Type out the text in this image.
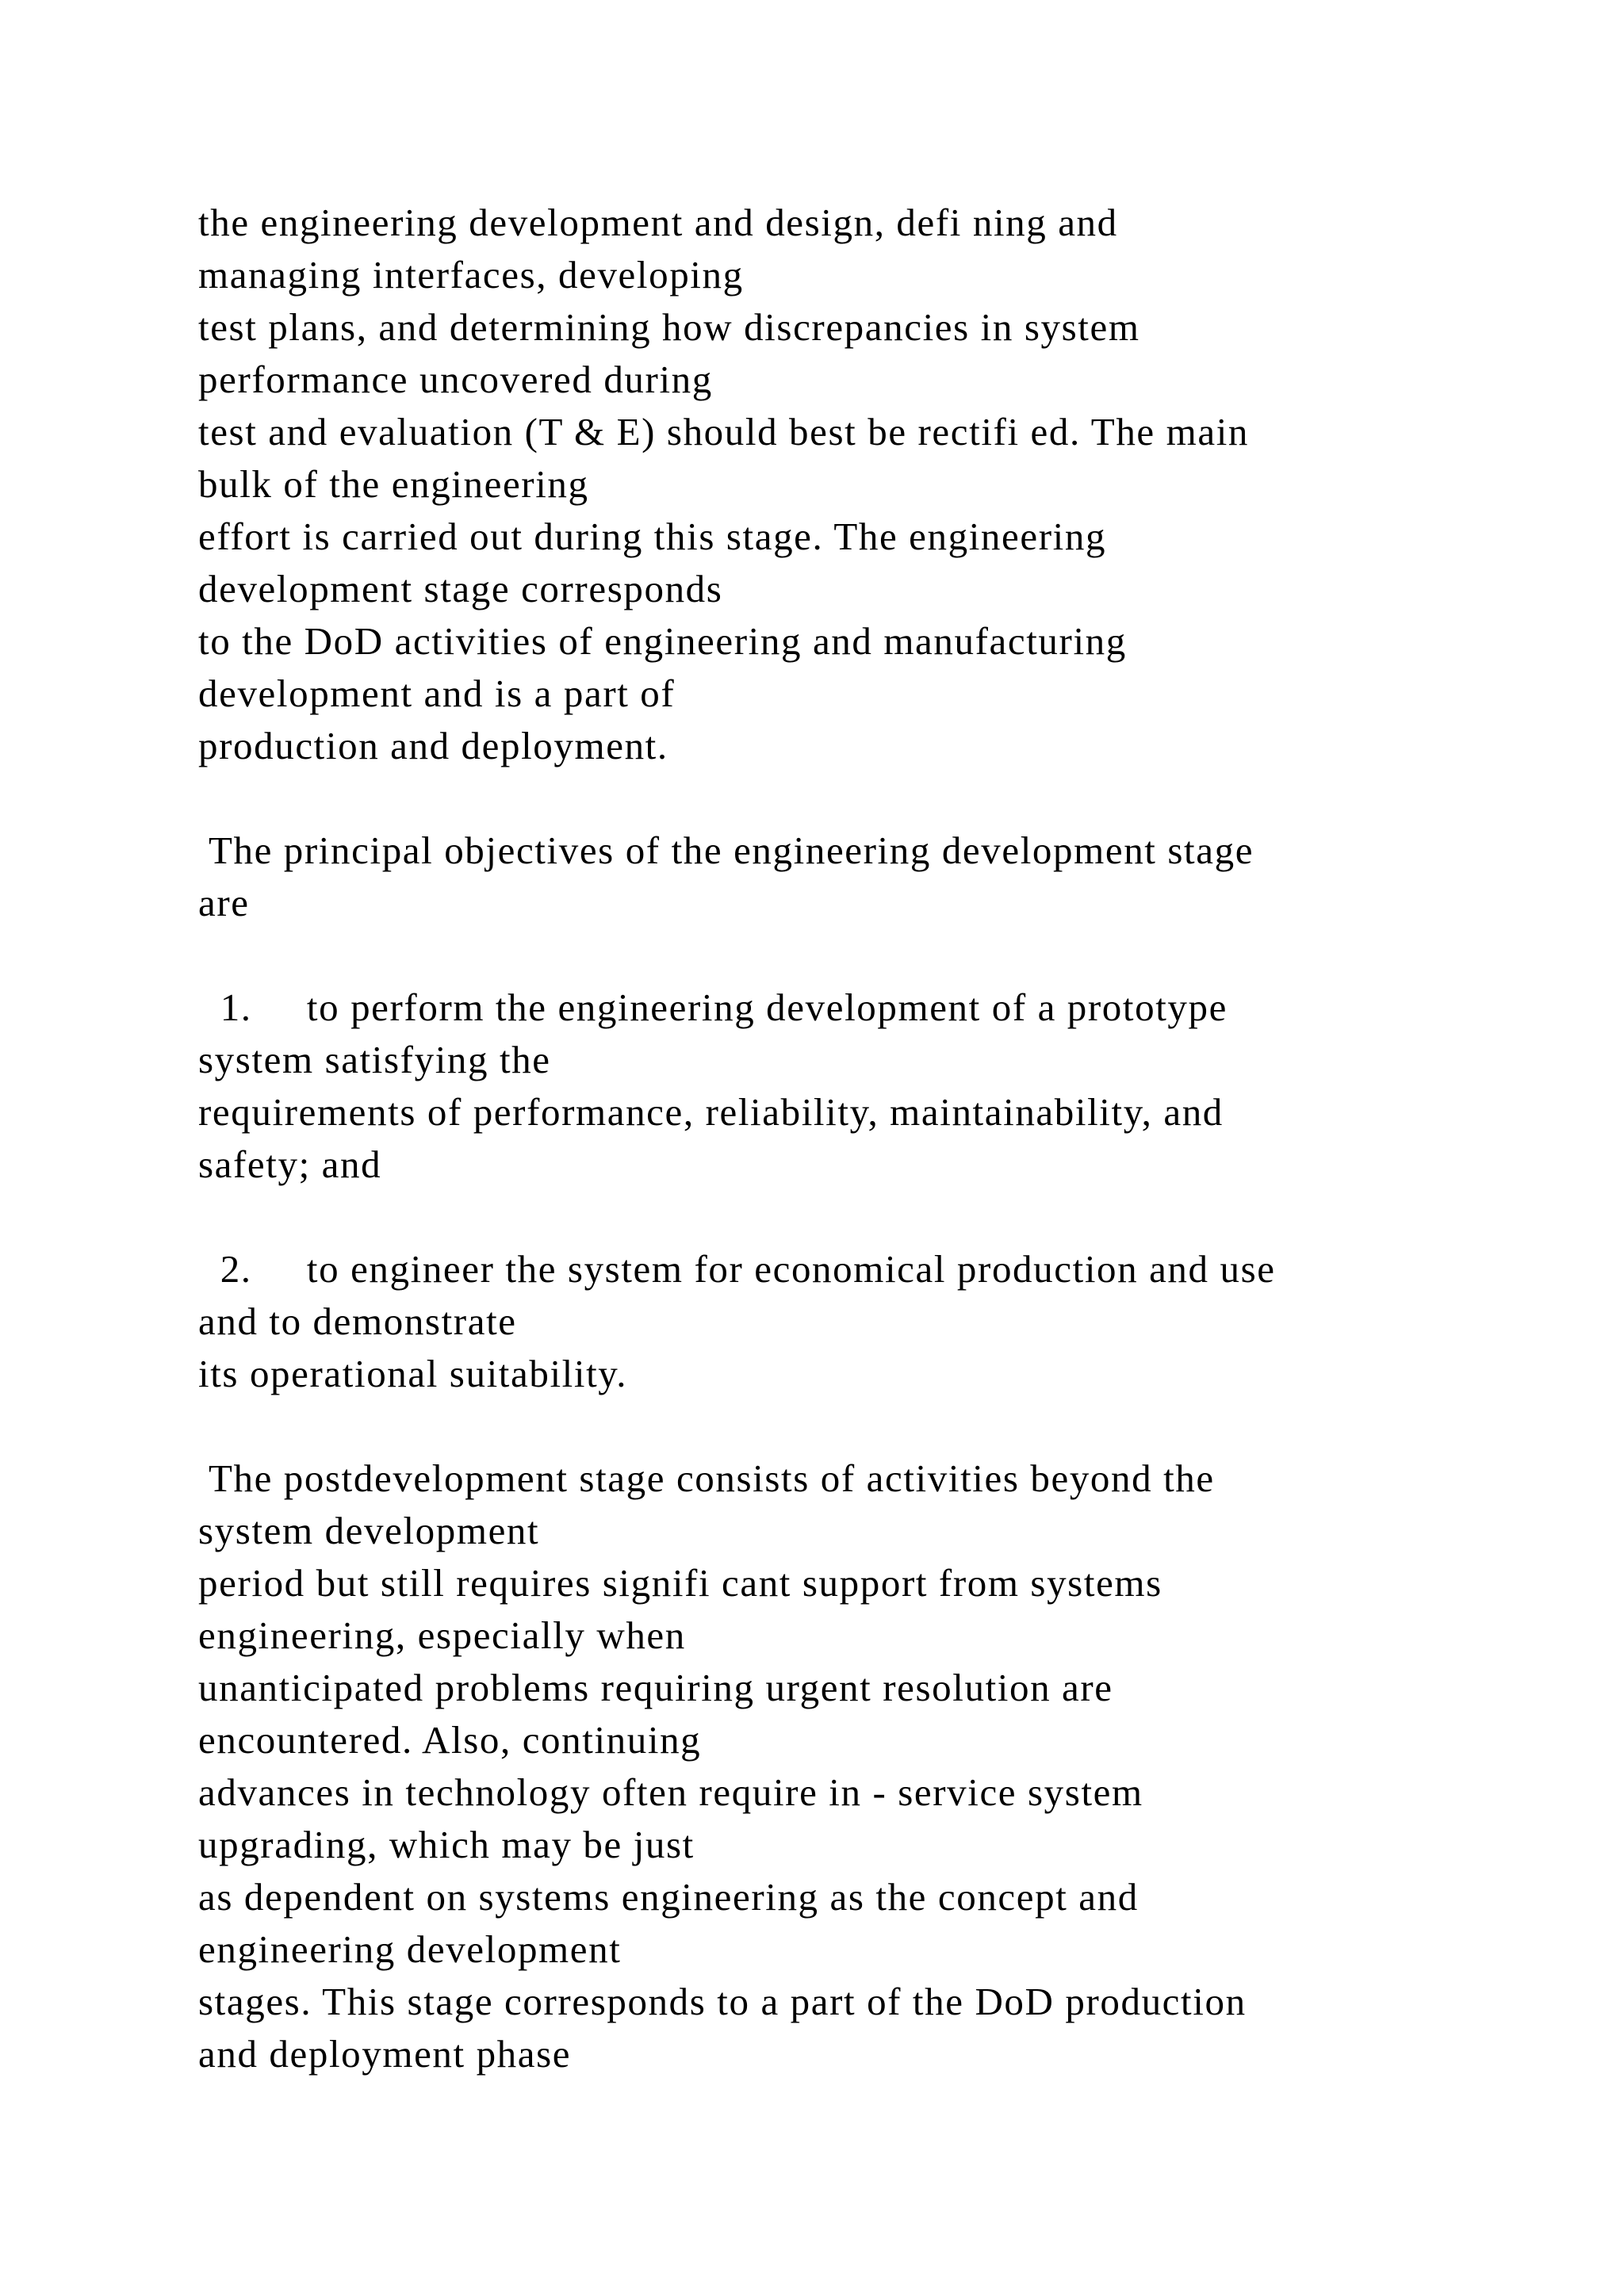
the engineering development and design, defi ning and
managing interfaces, developing
test plans, and determining how discrepancies in system
performance uncovered during
test and evaluation (T & E) should best be rectifi ed. The main
bulk of the engineering
effort is carried out during this stage. The engineering
development stage corresponds
to the DoD activities of engineering and manufacturing
development and is a part of
production and deployment.
The principal objectives of the engineering development stage
are
1.     to perform the engineering development of a prototype
system satisfying the
requirements of performance, reliability, maintainability, and
safety; and
2.     to engineer the system for economical production and use
and to demonstrate
its operational suitability.
The postdevelopment stage consists of activities beyond the
system development
period but still requires signifi cant support from systems
engineering, especially when
unanticipated problems requiring urgent resolution are
encountered. Also, continuing
advances in technology often require in - service system
upgrading, which may be just
as dependent on systems engineering as the concept and
engineering development
stages. This stage corresponds to a part of the DoD production
and deployment phase
